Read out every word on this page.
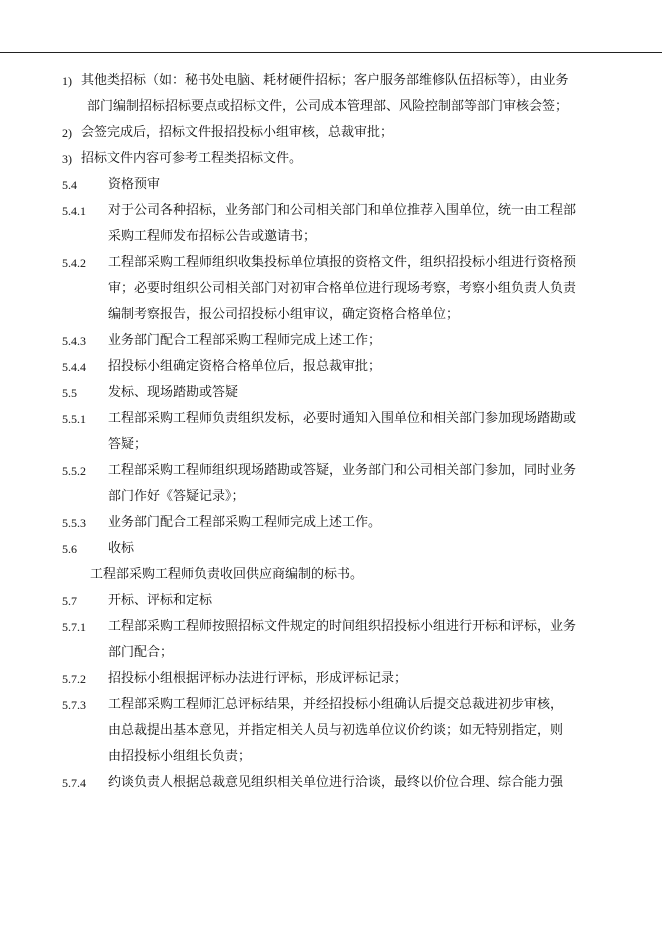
1) 其他类招标（如：秘书处电脑、耗材硬件招标；客户服务部维修队伍招标等），由业务
部门编制招标招标要点或招标文件，公司成本管理部、风险控制部等部门审核会签；
2) 会签完成后，招标文件报招投标小组审核，总裁审批；
3) 招标文件内容可参考工程类招标文件。
5.4 资格预审
5.4.1 对于公司各种招标，业务部门和公司相关部门和单位推荐入围单位，统一由工程部
采购工程师发布招标公告或邀请书；
5.4.2 工程部采购工程师组织收集投标单位填报的资格文件，组织招投标小组进行资格预
审；必要时组织公司相关部门对初审合格单位进行现场考察，考察小组负责人负责
编制考察报告，报公司招投标小组审议，确定资格合格单位；
5.4.3 业务部门配合工程部采购工程师完成上述工作；
5.4.4 招投标小组确定资格合格单位后，报总裁审批；
5.5 发标、现场踏勘或答疑
5.5.1 工程部采购工程师负责组织发标，必要时通知入围单位和相关部门参加现场踏勘或
答疑；
5.5.2 工程部采购工程师组织现场踏勘或答疑，业务部门和公司相关部门参加，同时业务
部门作好《答疑记录》；
5.5.3 业务部门配合工程部采购工程师完成上述工作。
5.6 收标
工程部采购工程师负责收回供应商编制的标书。
5.7 开标、评标和定标
5.7.1 工程部采购工程师按照招标文件规定的时间组织招投标小组进行开标和评标，业务
部门配合；
5.7.2 招投标小组根据评标办法进行评标，形成评标记录；
5.7.3 工程部采购工程师汇总评标结果，并经招投标小组确认后提交总裁进初步审核，
由总裁提出基本意见，并指定相关人员与初选单位议价约谈；如无特别指定，则
由招投标小组组长负责；
5.7.4 约谈负责人根据总裁意见组织相关单位进行洽谈，最终以价位合理、综合能力强
